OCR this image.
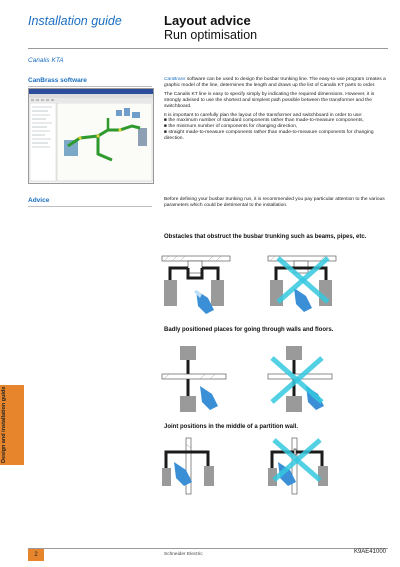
Installation guide	Layout advice
Run optimisation
Canalis KTA
CanBrass software	CanBrass software can be used to design the busbar trunking line. The easy-to-use program creates a graphic model of the line, determines the length and draws up the list of Canalis KT parts to order.

The Canalis KT line is easy to specify simply by indicating the required dimensions. However, it is strongly advised to use the shortest and simplest path possible between the transformer and the switchboard.

It is important to carefully plan the layout of the transformer and switchboard in order to use:
■ the maximum number of standard components rather than made-to-measure components,
■ the minimum number of components for changing direction,
■ straight made-to-measure components rather than made-to-measure components for changing direction.
Advice	Before defining your busbar trunking run, it is recommended you pay particular attention to the various parameters which could be detrimental to the installation.
Obstacles that obstruct the busbar trunking such as beams, pipes, etc.
Badly positioned places for going through walls and floors.
Joint positions in the middle of a partition wall.
Design and installation guide
2	Schneider Electric	K9AE41000
